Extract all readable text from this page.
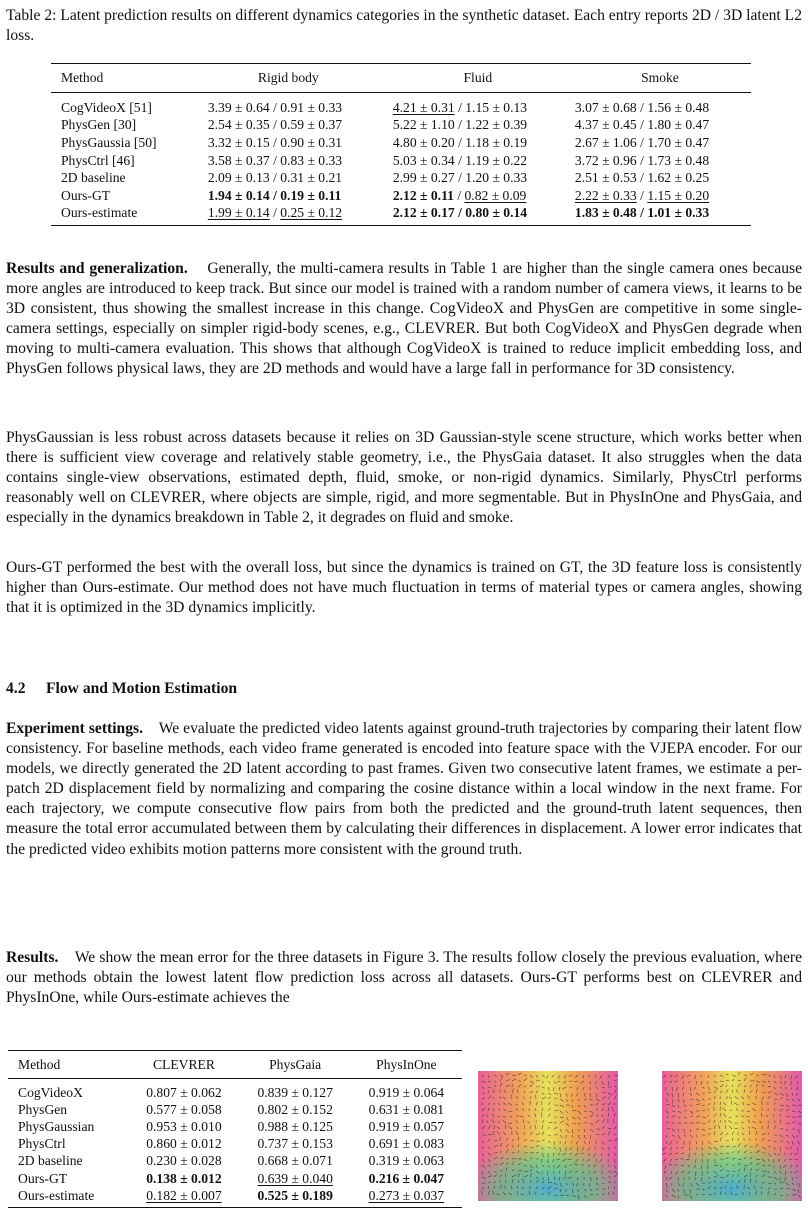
Table 2: Latent prediction results on different dynamics categories in the synthetic dataset. Each entry reports 2D / 3D latent L2 loss.
Method	Rigid body	Fluid	Smoke
CogVideoX [51]	3.39 ± 0.64 / 0.91 ± 0.33	4.21 ± 0.31 / 1.15 ± 0.13	3.07 ± 0.68 / 1.56 ± 0.48
PhysGen [30]	2.54 ± 0.35 / 0.59 ± 0.37	5.22 ± 1.10 / 1.22 ± 0.39	4.37 ± 0.45 / 1.80 ± 0.47
PhysGaussia [50]	3.32 ± 0.15 / 0.90 ± 0.31	4.80 ± 0.20 / 1.18 ± 0.19	2.67 ± 1.06 / 1.70 ± 0.47
PhysCtrl [46]	3.58 ± 0.37 / 0.83 ± 0.33	5.03 ± 0.34 / 1.19 ± 0.22	3.72 ± 0.96 / 1.73 ± 0.48
2D baseline	2.09 ± 0.13 / 0.31 ± 0.21	2.99 ± 0.27 / 1.20 ± 0.33	2.51 ± 0.53 / 1.62 ± 0.25
Ours-GT	1.94 ± 0.14 / 0.19 ± 0.11	2.12 ± 0.11 / 0.82 ± 0.09	2.22 ± 0.33 / 1.15 ± 0.20
Ours-estimate	1.99 ± 0.14 / 0.25 ± 0.12	2.12 ± 0.17 / 0.80 ± 0.14	1.83 ± 0.48 / 1.01 ± 0.33
Results and generalization. Generally, the multi-camera results in Table 1 are higher than the single camera ones because more angles are introduced to keep track. But since our model is trained with a random number of camera views, it learns to be 3D consistent, thus showing the smallest increase in this change. CogVideoX and PhysGen are competitive in some single-camera settings, especially on simpler rigid-body scenes, e.g., CLEVRER. But both CogVideoX and PhysGen degrade when moving to multi-camera evaluation. This shows that although CogVideoX is trained to reduce implicit embedding loss, and PhysGen follows physical laws, they are 2D methods and would have a large fall in performance for 3D consistency.
PhysGaussian is less robust across datasets because it relies on 3D Gaussian-style scene structure, which works better when there is sufficient view coverage and relatively stable geometry, i.e., the PhysGaia dataset. It also struggles when the data contains single-view observations, estimated depth, fluid, smoke, or non-rigid dynamics. Similarly, PhysCtrl performs reasonably well on CLEVRER, where objects are simple, rigid, and more segmentable. But in PhysInOne and PhysGaia, and especially in the dynamics breakdown in Table 2, it degrades on fluid and smoke.
Ours-GT performed the best with the overall loss, but since the dynamics is trained on GT, the 3D feature loss is consistently higher than Ours-estimate. Our method does not have much fluctuation in terms of material types or camera angles, showing that it is optimized in the 3D dynamics implicitly.
4.2 Flow and Motion Estimation
Experiment settings. We evaluate the predicted video latents against ground-truth trajectories by comparing their latent flow consistency. For baseline methods, each video frame generated is encoded into feature space with the VJEPA encoder. For our models, we directly generated the 2D latent according to past frames. Given two consecutive latent frames, we estimate a per-patch 2D displacement field by normalizing and comparing the cosine distance within a local window in the next frame. For each trajectory, we compute consecutive flow pairs from both the predicted and the ground-truth latent sequences, then measure the total error accumulated between them by calculating their differences in displacement. A lower error indicates that the predicted video exhibits motion patterns more consistent with the ground truth.
Results. We show the mean error for the three datasets in Figure 3. The results follow closely the previous evaluation, where our methods obtain the lowest latent flow prediction loss across all datasets. Ours-GT performs best on CLEVRER and PhysInOne, while Ours-estimate achieves the
Method	CLEVRER	PhysGaia	PhysInOne
CogVideoX	0.807 ± 0.062	0.839 ± 0.127	0.919 ± 0.064
PhysGen	0.577 ± 0.058	0.802 ± 0.152	0.631 ± 0.081
PhysGaussian	0.953 ± 0.010	0.988 ± 0.125	0.919 ± 0.057
PhysCtrl	0.860 ± 0.012	0.737 ± 0.153	0.691 ± 0.083
2D baseline	0.230 ± 0.028	0.668 ± 0.071	0.319 ± 0.063
Ours-GT	0.138 ± 0.012	0.639 ± 0.040	0.216 ± 0.047
Ours-estimate	0.182 ± 0.007	0.525 ± 0.189	0.273 ± 0.037
